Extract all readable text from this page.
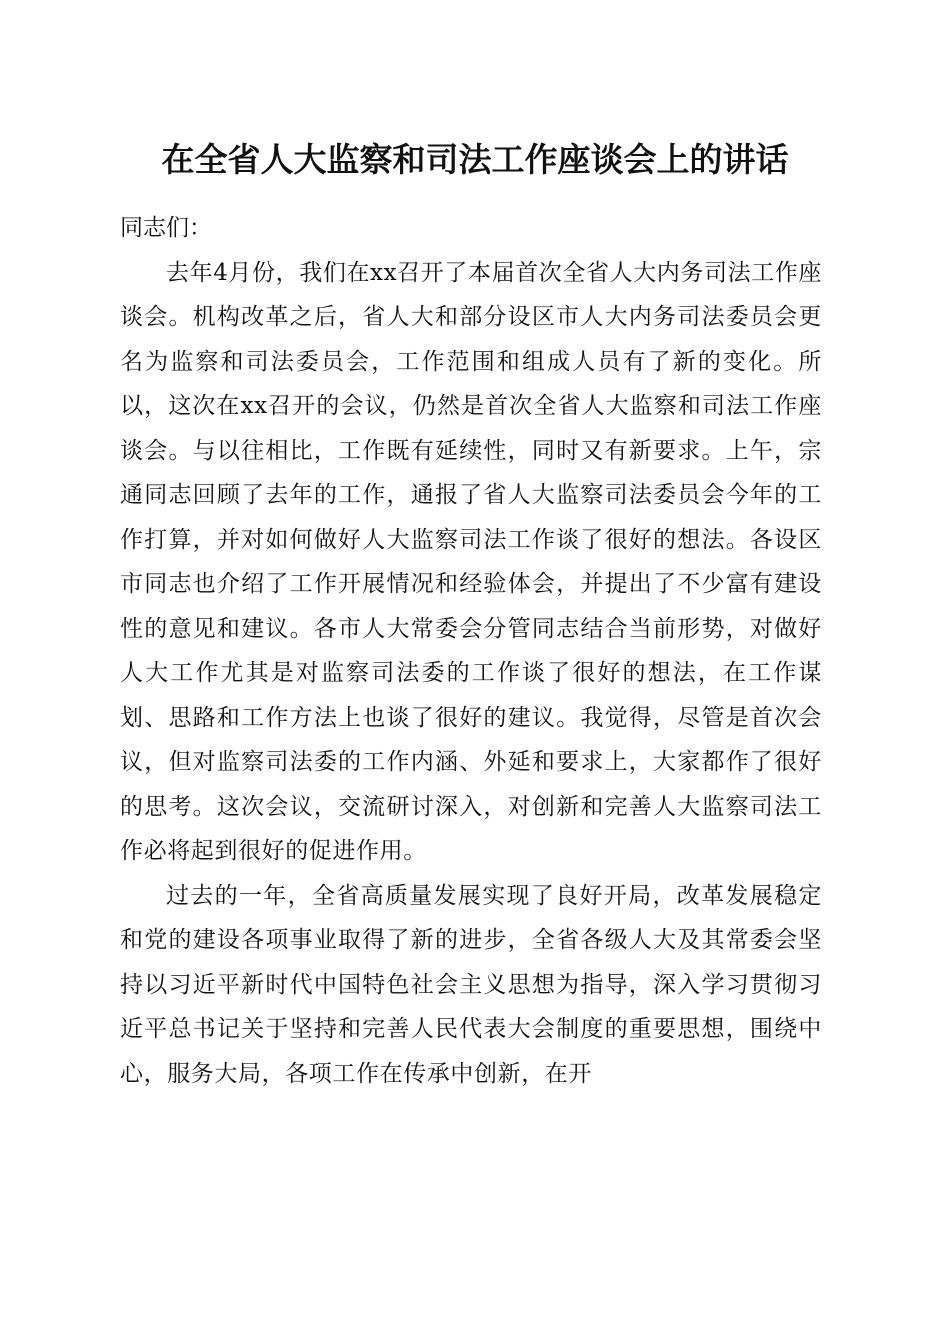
在全省人大监察和司法工作座谈会上的讲话

同志们：

去年4月份，我们在xx召开了本届首次全省人大内务司法工作座谈会。机构改革之后，省人大和部分设区市人大内务司法委员会更名为监察和司法委员会，工作范围和组成人员有了新的变化。所以，这次在xx召开的会议，仍然是首次全省人大监察和司法工作座谈会。与以往相比，工作既有延续性，同时又有新要求。上午，宗通同志回顾了去年的工作，通报了省人大监察司法委员会今年的工作打算，并对如何做好人大监察司法工作谈了很好的想法。各设区市同志也介绍了工作开展情况和经验体会，并提出了不少富有建设性的意见和建议。各市人大常委会分管同志结合当前形势，对做好人大工作尤其是对监察司法委的工作谈了很好的想法，在工作谋划、思路和工作方法上也谈了很好的建议。我觉得，尽管是首次会议，但对监察司法委的工作内涵、外延和要求上，大家都作了很好的思考。这次会议，交流研讨深入，对创新和完善人大监察司法工作必将起到很好的促进作用。

过去的一年，全省高质量发展实现了良好开局，改革发展稳定和党的建设各项事业取得了新的进步，全省各级人大及其常委会坚持以习近平新时代中国特色社会主义思想为指导，深入学习贯彻习近平总书记关于坚持和完善人民代表大会制度的重要思想，围绕中心，服务大局，各项工作在传承中创新，在开
